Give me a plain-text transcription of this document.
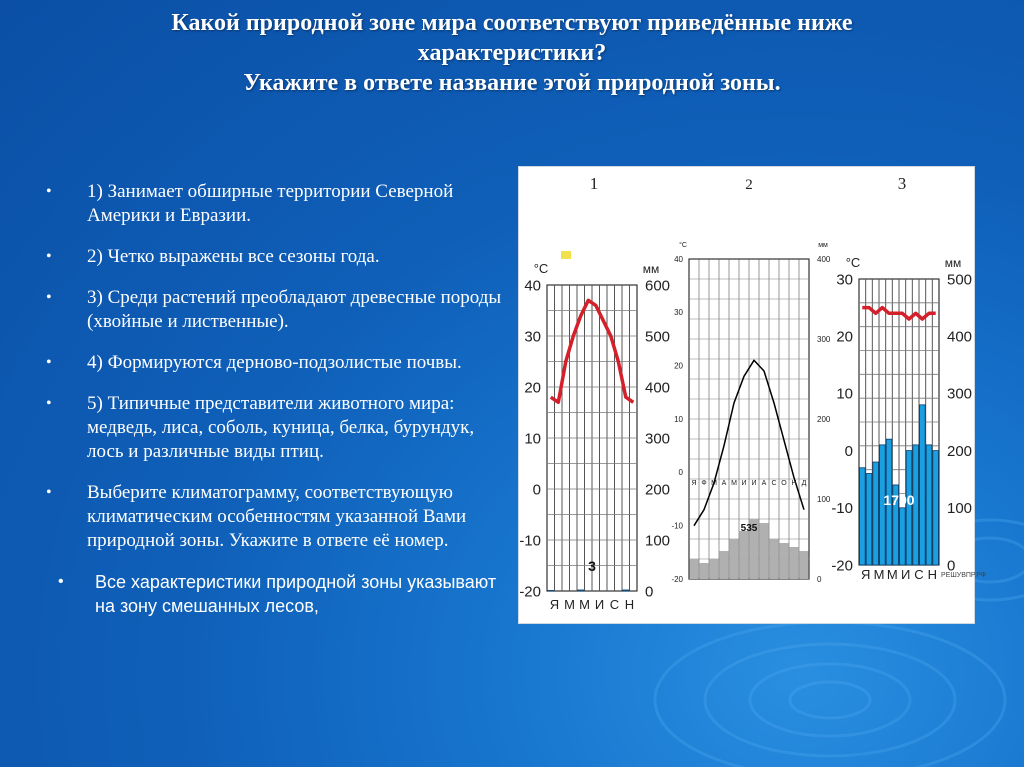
Какой природной зоне мира соответствуют приведённые ниже
характеристики?
Укажите в ответе название этой природной зоны.
• 1) Занимает обширные территории Северной Америки и Евразии.
• 2) Четко выражены все сезоны года.
• 3) Среди растений преобладают древесные породы (хвойные и лиственные).
• 4) Формируются дерново-подзолистые почвы.
• 5) Типичные представители животного мира: медведь, лиса, соболь, куница, белка, бурундук, лось и различные виды птиц.
• Выберите климатограмму, соответствующую климатическим особенностям указанной Вами природной зоны. Укажите в ответе её номер.
• Все характеристики природной зоны указывают на зону смешанных лесов,
1
°C	мм
40
30
20
10
0
-10
-20
600
500
400
300
200
100
0
3
Я М М И С Н
2
°С	мм
40
30
20
10
0
-10
-20
400
300
200
100
0
535
Я Ф М А М И И А С О Н Д
3
°C	мм
30
20
10
0
-10
-20
500
400
300
200
100
0
1790
Я М М И С Н РЕШУВПР.РФ
